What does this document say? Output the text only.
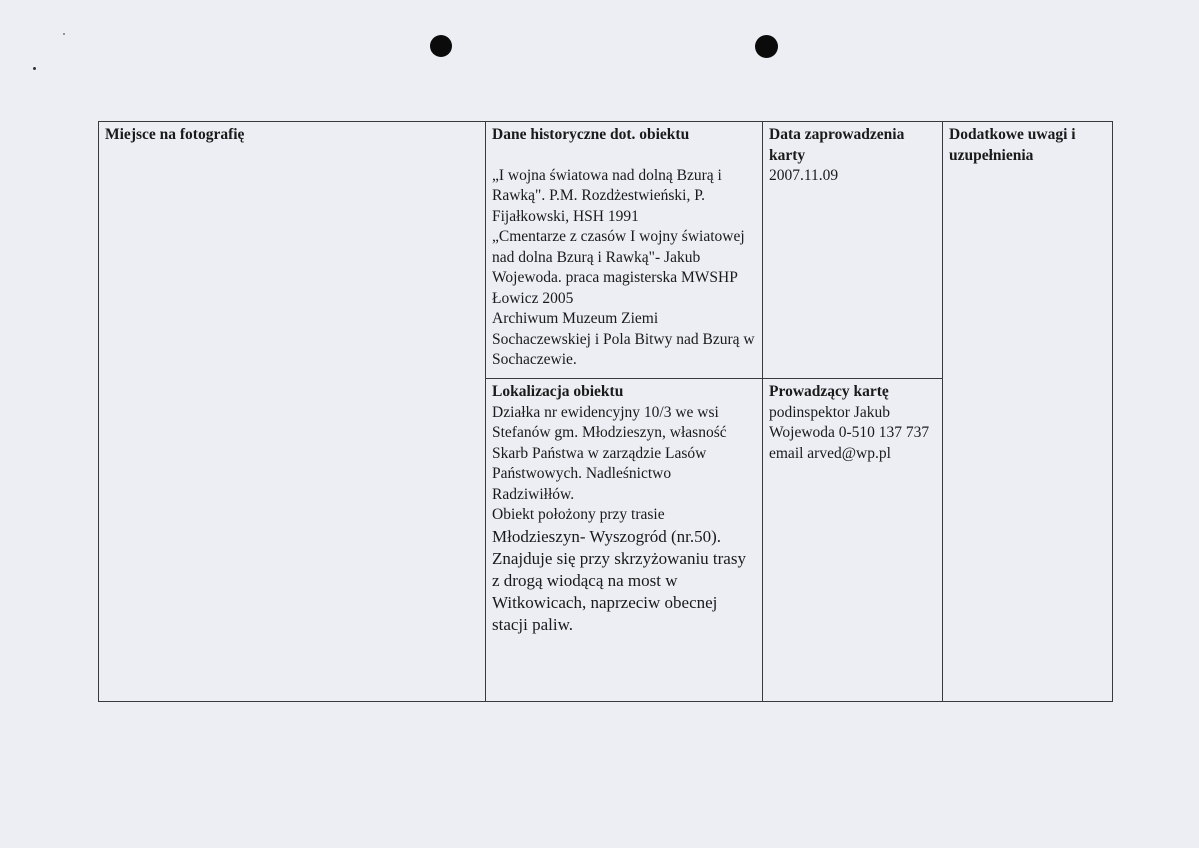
Miejsce na fotografię	Dane historyczne dot. obiektu
„I wojna światowa nad dolną Bzurą i Rawką". P.M. Rozdżestwieński, P. Fijałkowski, HSH 1991
„Cmentarze z czasów I wojny światowej nad dolna Bzurą i Rawką"- Jakub Wojewoda. praca magisterska MWSHP Łowicz 2005
Archiwum Muzeum Ziemi Sochaczewskiej i Pola Bitwy nad Bzurą w Sochaczewie.
Data zaprowadzenia karty
2007.11.09
Dodatkowe uwagi i uzupełnienia
Lokalizacja obiektu
Działka nr ewidencyjny 10/3 we wsi Stefanów gm. Młodzieszyn, własność Skarb Państwa w zarządzie Lasów Państwowych. Nadleśnictwo Radziwiłłów.
Obiekt położony przy trasie
Młodzieszyn- Wyszogród (nr.50). Znajduje się przy skrzyżowaniu trasy z drogą wiodącą na most w Witkowicach, naprzeciw obecnej stacji paliw.
Prowadzący kartę
podinspektor Jakub Wojewoda 0-510 137 737 email arved@wp.pl
